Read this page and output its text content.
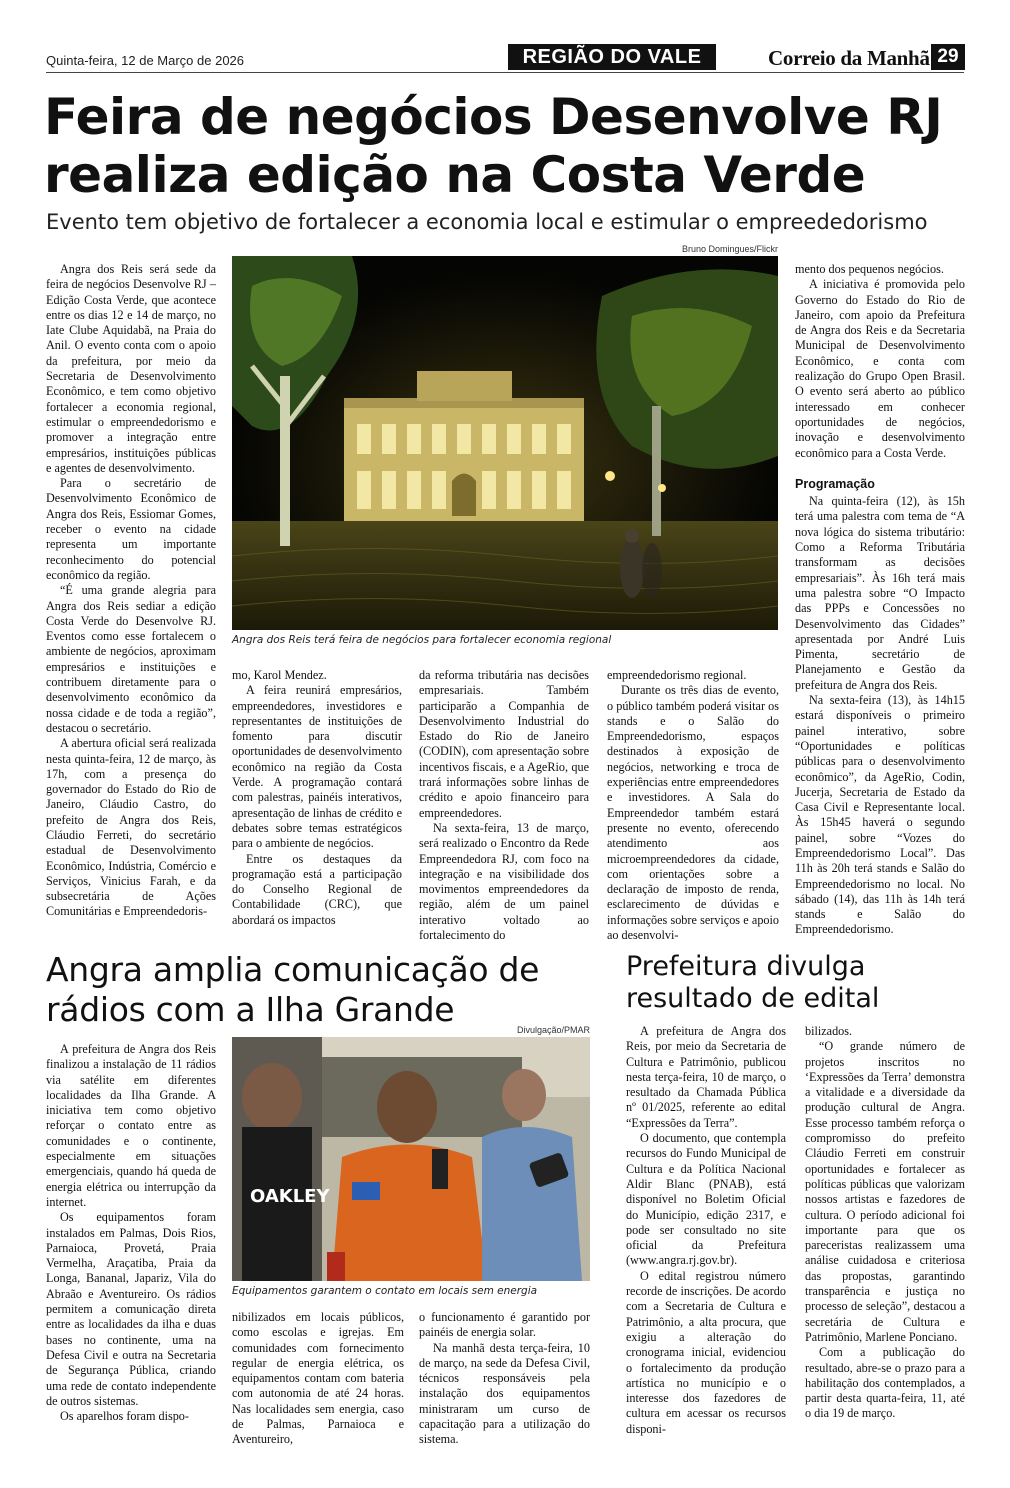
Quinta-feira, 12 de Março de 2026	REGIÃO DO VALE	Correio da Manhã 29
Feira de negócios Desenvolve RJ realiza edição na Costa Verde
Evento tem objetivo de fortalecer a economia local e estimular o empreededorismo
Bruno Domingues/Flickr
Angra dos Reis terá feira de negócios para fortalecer economia regional

Angra dos Reis será sede da feira de negócios Desenvolve RJ – Edição Costa Verde, que acontece entre os dias 12 e 14 de março, no Iate Clube Aquidabã, na Praia do Anil. O evento conta com o apoio da prefeitura, por meio da Secretaria de Desenvolvimento Econômico, e tem como objetivo fortalecer a economia regional, estimular o empreendedorismo e promover a integração entre empresários, instituições públicas e agentes de desenvolvimento.

Para o secretário de Desenvolvimento Econômico de Angra dos Reis, Essiomar Gomes, receber o evento na cidade representa um importante reconhecimento do potencial econômico da região.

“É uma grande alegria para Angra dos Reis sediar a edição Costa Verde do Desenvolve RJ. Eventos como esse fortalecem o ambiente de negócios, aproximam empresários e instituições e contribuem diretamente para o desenvolvimento econômico da nossa cidade e de toda a região”, destacou o secretário.

A abertura oficial será realizada nesta quinta-feira, 12 de março, às 17h, com a presença do governador do Estado do Rio de Janeiro, Cláudio Castro, do prefeito de Angra dos Reis, Cláudio Ferreti, do secretário estadual de Desenvolvimento Econômico, Indústria, Comércio e Serviços, Vinicius Farah, e da subsecretária de Ações Comunitárias e Empreendedoris-

mo, Karol Mendez.

A feira reunirá empresários, empreendedores, investidores e representantes de instituições de fomento para discutir oportunidades de desenvolvimento econômico na região da Costa Verde. A programação contará com palestras, painéis interativos, apresentação de linhas de crédito e debates sobre temas estratégicos para o ambiente de negócios.

Entre os destaques da programação está a participação do Conselho Regional de Contabilidade (CRC), que abordará os impactos

da reforma tributária nas decisões empresariais. Também participarão a Companhia de Desenvolvimento Industrial do Estado do Rio de Janeiro (CODIN), com apresentação sobre incentivos fiscais, e a AgeRio, que trará informações sobre linhas de crédito e apoio financeiro para empreendedores.

Na sexta-feira, 13 de março, será realizado o Encontro da Rede Empreendedora RJ, com foco na integração e na visibilidade dos movimentos empreendedores da região, além de um painel interativo voltado ao fortalecimento do

empreendedorismo regional.

Durante os três dias de evento, o público também poderá visitar os stands e o Salão do Empreendedorismo, espaços destinados à exposição de negócios, networking e troca de experiências entre empreendedores e investidores. A Sala do Empreendedor também estará presente no evento, oferecendo atendimento aos microempreendedores da cidade, com orientações sobre a declaração de imposto de renda, esclarecimento de dúvidas e informações sobre serviços e apoio ao desenvolvi-

mento dos pequenos negócios.

A iniciativa é promovida pelo Governo do Estado do Rio de Janeiro, com apoio da Prefeitura de Angra dos Reis e da Secretaria Municipal de Desenvolvimento Econômico, e conta com realização do Grupo Open Brasil. O evento será aberto ao público interessado em conhecer oportunidades de negócios, inovação e desenvolvimento econômico para a Costa Verde.

Programação

Na quinta-feira (12), às 15h terá uma palestra com tema de “A nova lógica do sistema tributário: Como a Reforma Tributária transformam as decisões empresariais”. Às 16h terá mais uma palestra sobre “O Impacto das PPPs e Concessões no Desenvolvimento das Cidades” apresentada por André Luis Pimenta, secretário de Planejamento e Gestão da prefeitura de Angra dos Reis.

Na sexta-feira (13), às 14h15 estará disponíveis o primeiro painel interativo, sobre “Oportunidades e políticas públicas para o desenvolvimento econômico”, da AgeRio, Codin, Jucerja, Secretaria de Estado da Casa Civil e Representante local. Às 15h45 haverá o segundo painel, sobre “Vozes do Empreendedorismo Local”. Das 11h às 20h terá stands e Salão do Empreendedorismo no local. No sábado (14), das 11h às 14h terá stands e Salão do Empreendedorismo.

Angra amplia comunicação de rádios com a Ilha Grande
Divulgação/PMAR
OAKLEY
Equipamentos garantem o contato em locais sem energia

A prefeitura de Angra dos Reis finalizou a instalação de 11 rádios via satélite em diferentes localidades da Ilha Grande. A iniciativa tem como objetivo reforçar o contato entre as comunidades e o continente, especialmente em situações emergenciais, quando há queda de energia elétrica ou interrupção da internet.

Os equipamentos foram instalados em Palmas, Dois Rios, Parnaioca, Provetá, Praia Vermelha, Araçatiba, Praia da Longa, Bananal, Japariz, Vila do Abraão e Aventureiro. Os rádios permitem a comunicação direta entre as localidades da ilha e duas bases no continente, uma na Defesa Civil e outra na Secretaria de Segurança Pública, criando uma rede de contato independente de outros sistemas.

Os aparelhos foram dispo-

nibilizados em locais públicos, como escolas e igrejas. Em comunidades com fornecimento regular de energia elétrica, os equipamentos contam com bateria com autonomia de até 24 horas. Nas localidades sem energia, caso de Palmas, Parnaioca e Aventureiro,

o funcionamento é garantido por painéis de energia solar.

Na manhã desta terça-feira, 10 de março, na sede da Defesa Civil, técnicos responsáveis pela instalação dos equipamentos ministraram um curso de capacitação para a utilização do sistema.

Prefeitura divulga resultado de edital

A prefeitura de Angra dos Reis, por meio da Secretaria de Cultura e Patrimônio, publicou nesta terça-feira, 10 de março, o resultado da Chamada Pública nº 01/2025, referente ao edital “Expressões da Terra”.

O documento, que contempla recursos do Fundo Municipal de Cultura e da Política Nacional Aldir Blanc (PNAB), está disponível no Boletim Oficial do Município, edição 2317, e pode ser consultado no site oficial da Prefeitura (www.angra.rj.gov.br).

O edital registrou número recorde de inscrições. De acordo com a Secretaria de Cultura e Patrimônio, a alta procura, que exigiu a alteração do cronograma inicial, evidenciou o fortalecimento da produção artística no município e o interesse dos fazedores de cultura em acessar os recursos disponi-

bilizados.

“O grande número de projetos inscritos no ‘Expressões da Terra’ demonstra a vitalidade e a diversidade da produção cultural de Angra. Esse processo também reforça o compromisso do prefeito Cláudio Ferreti em construir oportunidades e fortalecer as políticas públicas que valorizam nossos artistas e fazedores de cultura. O período adicional foi importante para que os pareceristas realizassem uma análise cuidadosa e criteriosa das propostas, garantindo transparência e justiça no processo de seleção”, destacou a secretária de Cultura e Patrimônio, Marlene Ponciano.

Com a publicação do resultado, abre-se o prazo para a habilitação dos contemplados, a partir desta quarta-feira, 11, até o dia 19 de março.
